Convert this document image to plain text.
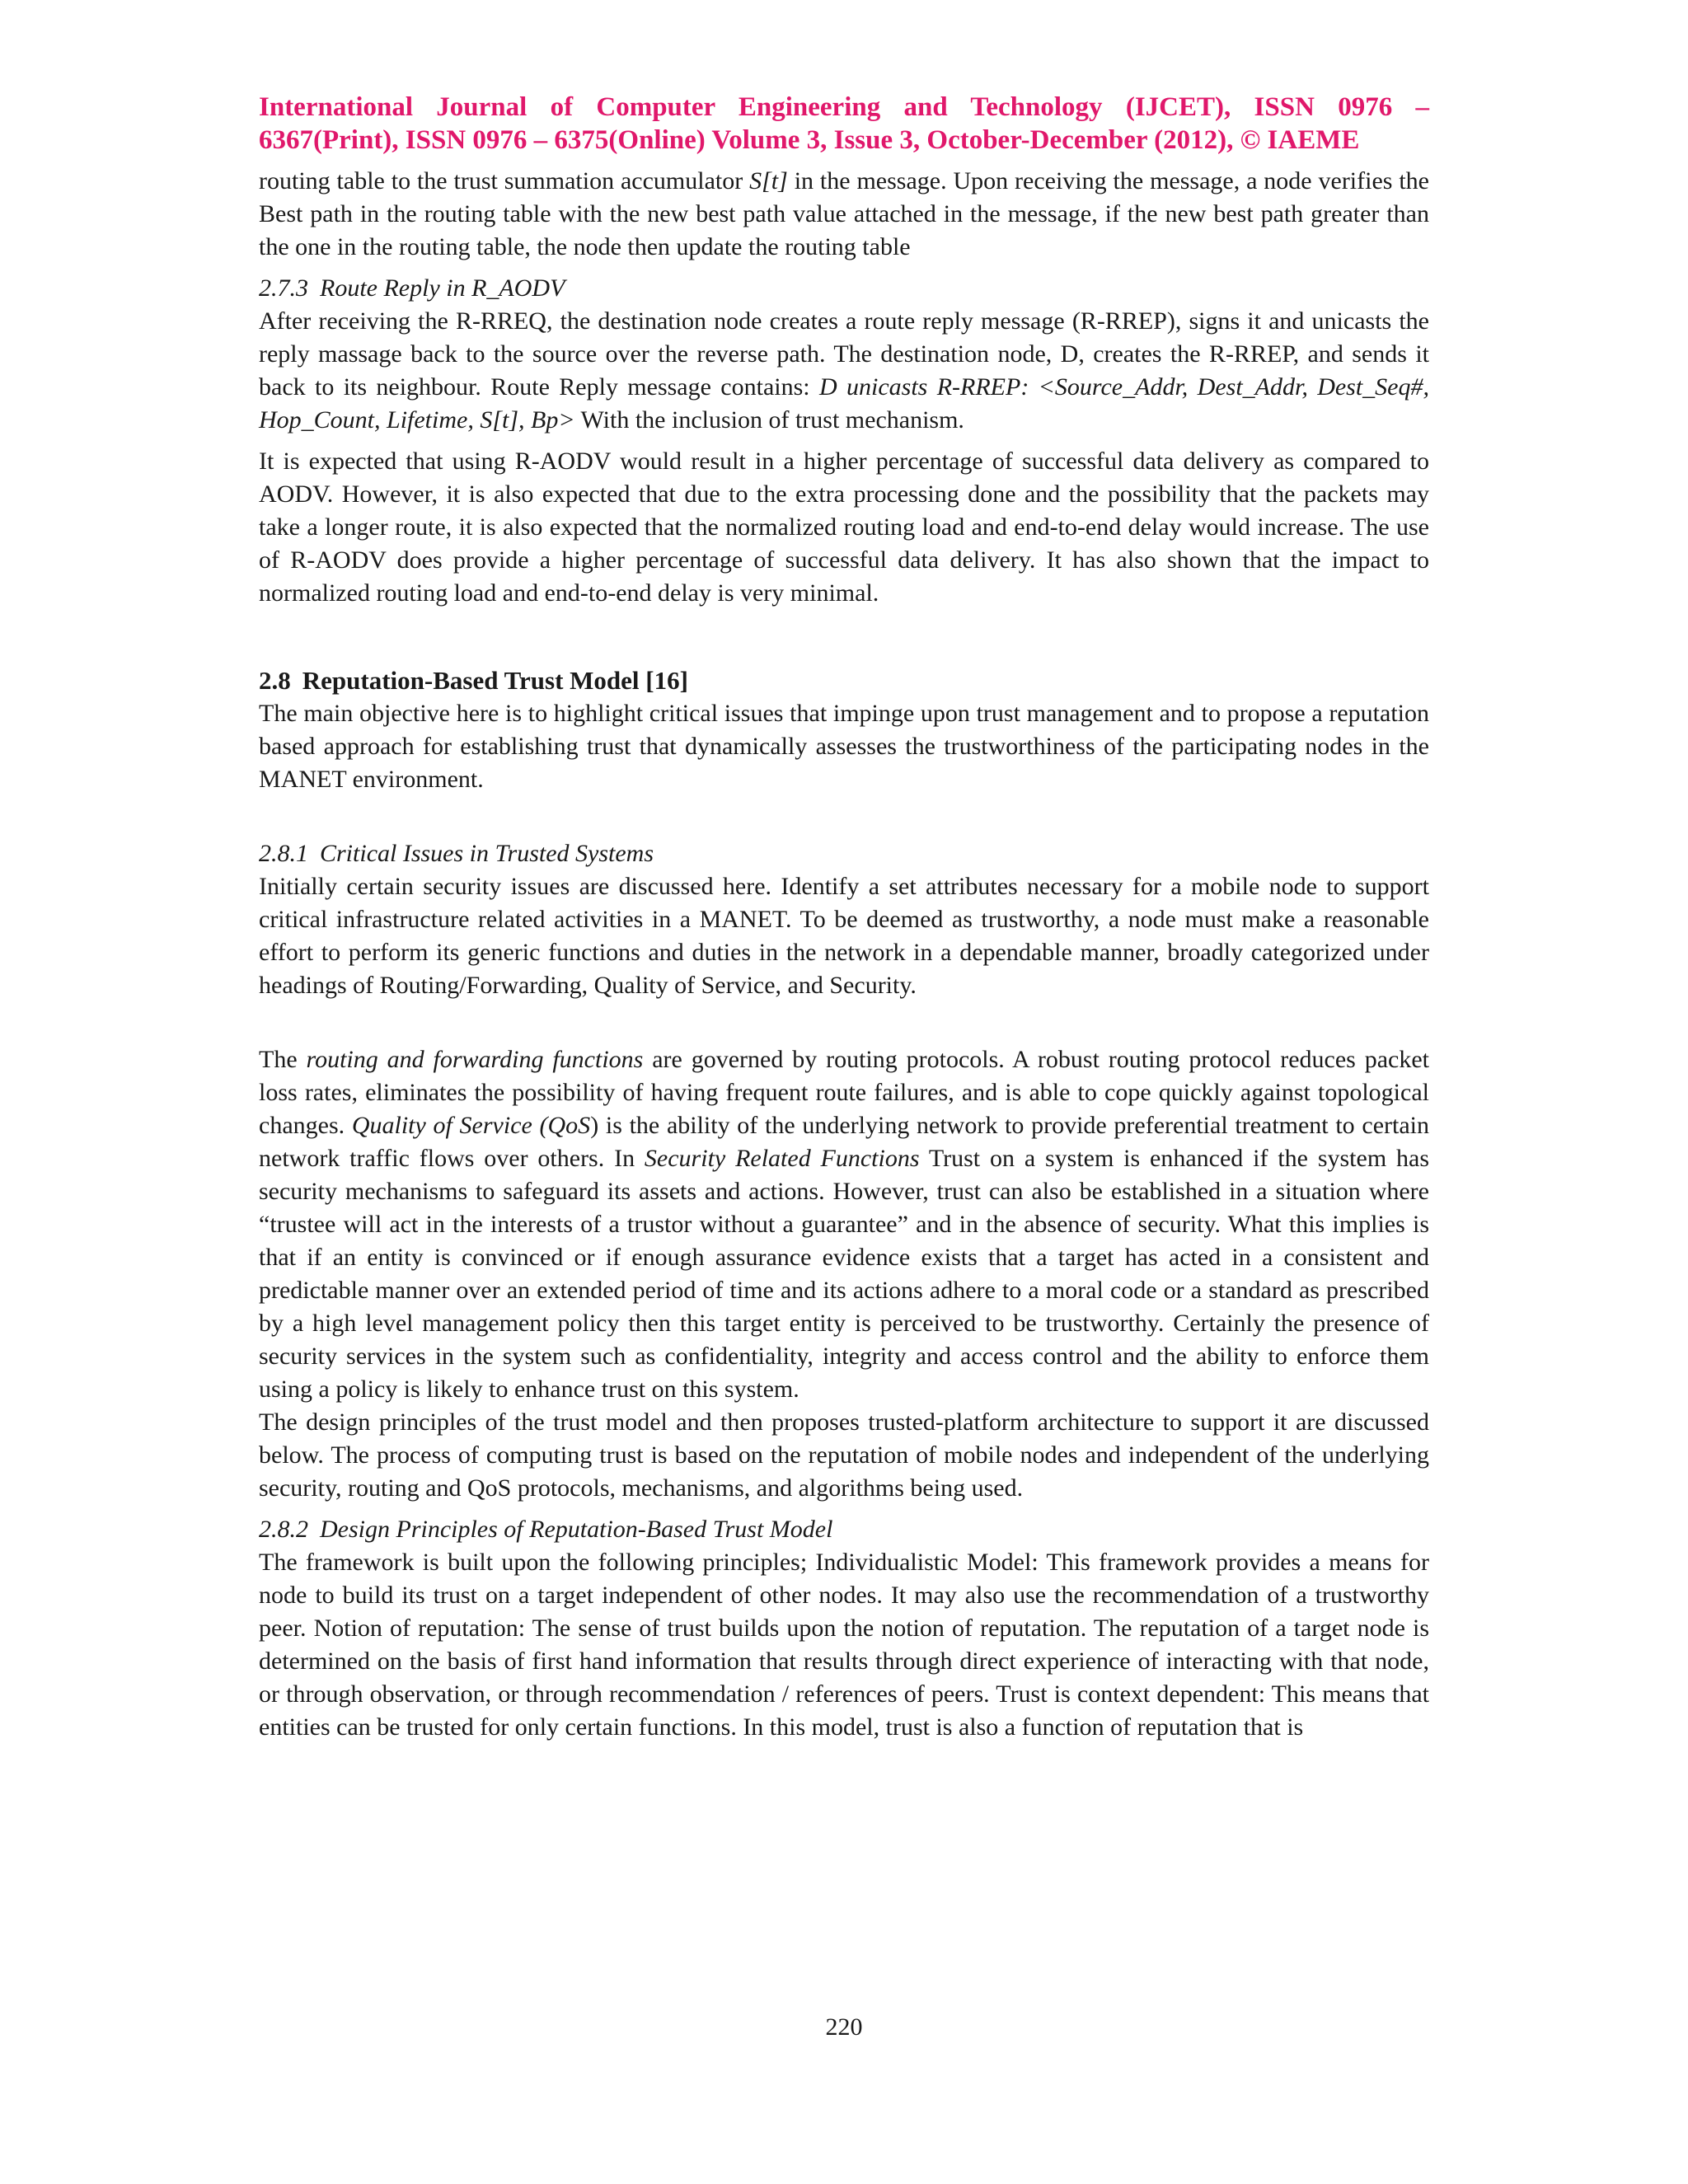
International Journal of Computer Engineering and Technology (IJCET), ISSN 0976 –
6367(Print), ISSN 0976 – 6375(Online) Volume 3, Issue 3, October-December (2012), © IAEME

routing table to the trust summation accumulator S[t] in the message. Upon receiving the message, a node verifies the Best path in the routing table with the new best path value attached in the message, if the new best path greater than the one in the routing table, the node then update the routing table

2.7.3 Route Reply in R_AODV

After receiving the R-RREQ, the destination node creates a route reply message (R-RREP), signs it and unicasts the reply massage back to the source over the reverse path. The destination node, D, creates the R-RREP, and sends it back to its neighbour. Route Reply message contains: D unicasts R-RREP: <Source_Addr, Dest_Addr, Dest_Seq#, Hop_Count, Lifetime, S[t], Bp> With the inclusion of trust mechanism.

It is expected that using R-AODV would result in a higher percentage of successful data delivery as compared to AODV. However, it is also expected that due to the extra processing done and the possibility that the packets may take a longer route, it is also expected that the normalized routing load and end-to-end delay would increase. The use of R-AODV does provide a higher percentage of successful data delivery. It has also shown that the impact to normalized routing load and end-to-end delay is very minimal.

2.8 Reputation-Based Trust Model [16]

The main objective here is to highlight critical issues that impinge upon trust management and to propose a reputation based approach for establishing trust that dynamically assesses the trustworthiness of the participating nodes in the MANET environment.

2.8.1 Critical Issues in Trusted Systems

Initially certain security issues are discussed here. Identify a set attributes necessary for a mobile node to support critical infrastructure related activities in a MANET. To be deemed as trustworthy, a node must make a reasonable effort to perform its generic functions and duties in the network in a dependable manner, broadly categorized under headings of Routing/Forwarding, Quality of Service, and Security.

The routing and forwarding functions are governed by routing protocols. A robust routing protocol reduces packet loss rates, eliminates the possibility of having frequent route failures, and is able to cope quickly against topological changes. Quality of Service (QoS) is the ability of the underlying network to provide preferential treatment to certain network traffic flows over others. In Security Related Functions Trust on a system is enhanced if the system has security mechanisms to safeguard its assets and actions. However, trust can also be established in a situation where “trustee will act in the interests of a trustor without a guarantee” and in the absence of security. What this implies is that if an entity is convinced or if enough assurance evidence exists that a target has acted in a consistent and predictable manner over an extended period of time and its actions adhere to a moral code or a standard as prescribed by a high level management policy then this target entity is perceived to be trustworthy. Certainly the presence of security services in the system such as confidentiality, integrity and access control and the ability to enforce them using a policy is likely to enhance trust on this system.

The design principles of the trust model and then proposes trusted-platform architecture to support it are discussed below. The process of computing trust is based on the reputation of mobile nodes and independent of the underlying security, routing and QoS protocols, mechanisms, and algorithms being used.

2.8.2 Design Principles of Reputation-Based Trust Model

The framework is built upon the following principles; Individualistic Model: This framework provides a means for node to build its trust on a target independent of other nodes. It may also use the recommendation of a trustworthy peer. Notion of reputation: The sense of trust builds upon the notion of reputation. The reputation of a target node is determined on the basis of first hand information that results through direct experience of interacting with that node, or through observation, or through recommendation / references of peers. Trust is context dependent: This means that entities can be trusted for only certain functions. In this model, trust is also a function of reputation that is

220
